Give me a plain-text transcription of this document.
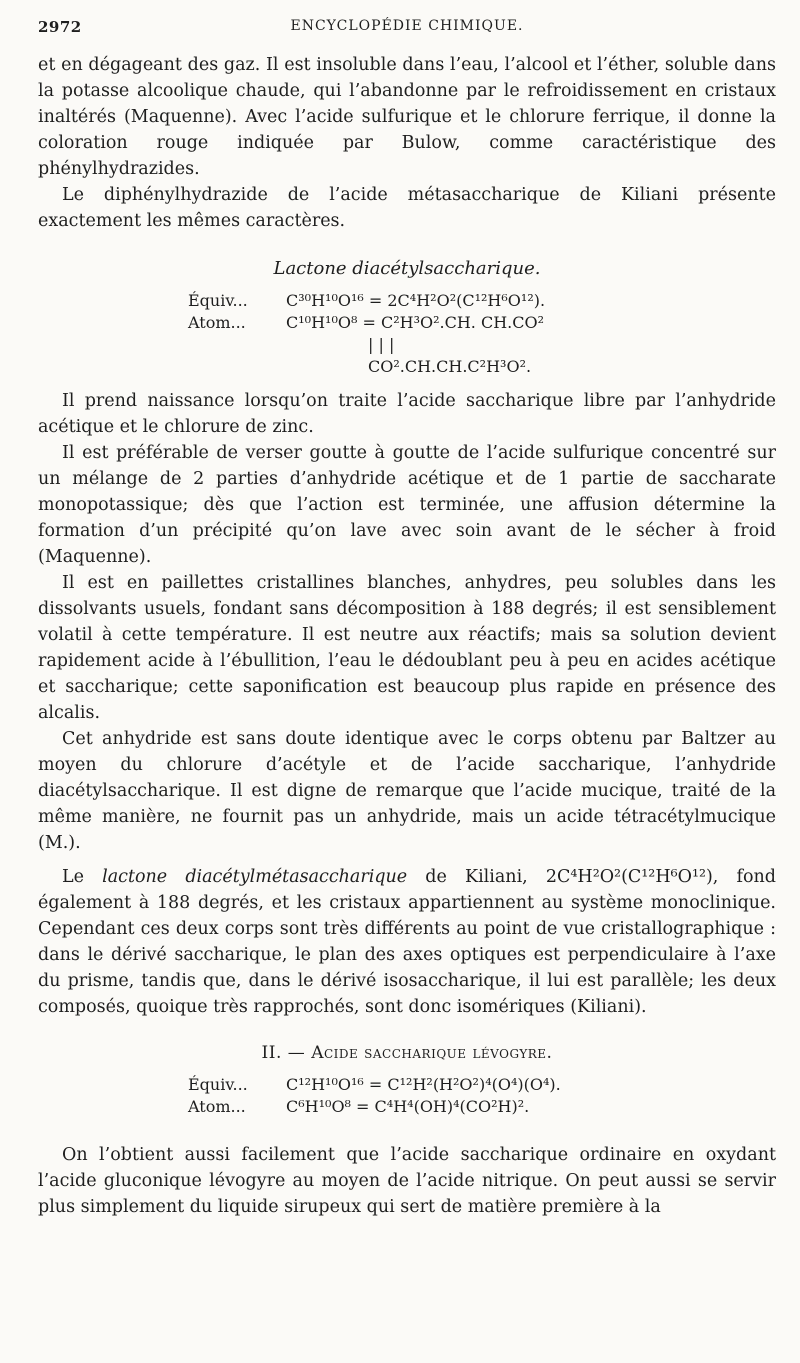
2972	ENCYCLOPÉDIE CHIMIQUE.

et en dégageant des gaz. Il est insoluble dans l’eau, l’alcool et l’éther, soluble dans la potasse alcoolique chaude, qui l’abandonne par le refroidissement en cristaux inaltérés (Maquenne). Avec l’acide sulfurique et le chlorure ferrique, il donne la coloration rouge indiquée par Bulow, comme caractéristique des phénylhydrazides.

Le diphénylhydrazide de l’acide métasaccharique de Kiliani présente exactement les mêmes caractères.

Lactone diacétylsaccharique.
Équiv... C³⁰H¹⁰O¹⁶ = 2C⁴H²O²(C¹²H⁶O¹²).
Atom...	C¹⁰H¹⁰O⁸ = C²H³O².CH. CH.CO²
| | |
CO².CH.CH.C²H³O².

Il prend naissance lorsqu’on traite l’acide saccharique libre par l’anhydride acétique et le chlorure de zinc.

Il est préférable de verser goutte à goutte de l’acide sulfurique concentré sur un mélange de 2 parties d’anhydride acétique et de 1 partie de saccharate monopotassique; dès que l’action est terminée, une affusion détermine la formation d’un précipité qu’on lave avec soin avant de le sécher à froid (Maquenne).

Il est en paillettes cristallines blanches, anhydres, peu solubles dans les dissolvants usuels, fondant sans décomposition à 188 degrés; il est sensiblement volatil à cette température. Il est neutre aux réactifs; mais sa solution devient rapidement acide à l’ébullition, l’eau le dédoublant peu à peu en acides acétique et saccharique; cette saponification est beaucoup plus rapide en présence des alcalis.

Cet anhydride est sans doute identique avec le corps obtenu par Baltzer au moyen du chlorure d’acétyle et de l’acide saccharique, l’anhydride diacétylsaccharique. Il est digne de remarque que l’acide mucique, traité de la même manière, ne fournit pas un anhydride, mais un acide tétracétylmucique (M.).

Le lactone diacétylmétasaccharique de Kiliani, 2C⁴H²O²(C¹²H⁶O¹²), fond également à 188 degrés, et les cristaux appartiennent au système monoclinique. Cependant ces deux corps sont très différents au point de vue cristallographique : dans le dérivé saccharique, le plan des axes optiques est perpendiculaire à l’axe du prisme, tandis que, dans le dérivé isosaccharique, il lui est parallèle; les deux composés, quoique très rapprochés, sont donc isomériques (Kiliani).

II. — Acide saccharique lévogyre.
Équiv... C¹²H¹⁰O¹⁶ = C¹²H²(H²O²)⁴(O⁴)(O⁴).
Atom...	C⁶H¹⁰O⁸ = C⁴H⁴(OH)⁴(CO²H)².

On l’obtient aussi facilement que l’acide saccharique ordinaire en oxydant l’acide gluconique lévogyre au moyen de l’acide nitrique. On peut aussi se servir plus simplement du liquide sirupeux qui sert de matière première à la
